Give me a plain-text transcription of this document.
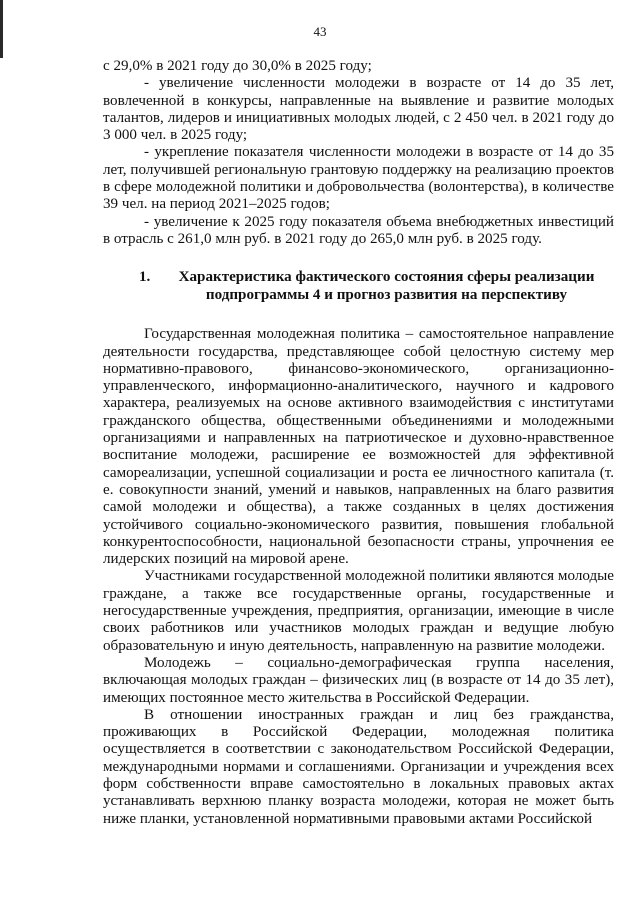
43

с 29,0% в 2021 году до 30,0% в 2025 году;

- увеличение численности молодежи в возрасте от 14 до 35 лет, вовлеченной в конкурсы, направленные на выявление и развитие молодых талантов, лидеров и инициативных молодых людей, с 2 450 чел. в 2021 году до 3 000 чел. в 2025 году;

- укрепление показателя численности молодежи в возрасте от 14 до 35 лет, получившей региональную грантовую поддержку на реализацию проектов в сфере молодежной политики и добровольчества (волонтерства), в количестве 39 чел. на период 2021–2025 годов;

- увеличение к 2025 году показателя объема внебюджетных инвестиций в отрасль с 261,0 млн руб. в 2021 году до 265,0 млн руб. в 2025 году.

1.	Характеристика фактического состояния сферы реализации подпрограммы 4 и прогноз развития на перспективу

Государственная молодежная политика – самостоятельное направление деятельности государства, представляющее собой целостную систему мер нормативно-правового, финансово-экономического, организационно-управленческого, информационно-аналитического, научного и кадрового характера, реализуемых на основе активного взаимодействия с институтами гражданского общества, общественными объединениями и молодежными организациями и направленных на патриотическое и духовно-нравственное воспитание молодежи, расширение ее возможностей для эффективной самореализации, успешной социализации и роста ее личностного капитала (т. е. совокупности знаний, умений и навыков, направленных на благо развития самой молодежи и общества), а также созданных в целях достижения устойчивого социально-экономического развития, повышения глобальной конкурентоспособности, национальной безопасности страны, упрочнения ее лидерских позиций на мировой арене.

Участниками государственной молодежной политики являются молодые граждане, а также все государственные органы, государственные и негосударственные учреждения, предприятия, организации, имеющие в числе своих работников или участников молодых граждан и ведущие любую образовательную и иную деятельность, направленную на развитие молодежи.

Молодежь – социально-демографическая группа населения, включающая молодых граждан – физических лиц (в возрасте от 14 до 35 лет), имеющих постоянное место жительства в Российской Федерации.

В отношении иностранных граждан и лиц без гражданства, проживающих в Российской Федерации, молодежная политика осуществляется в соответствии с законодательством Российской Федерации, международными нормами и соглашениями. Организации и учреждения всех форм собственности вправе самостоятельно в локальных правовых актах устанавливать верхнюю планку возраста молодежи, которая не может быть ниже планки, установленной нормативными правовыми актами Российской
